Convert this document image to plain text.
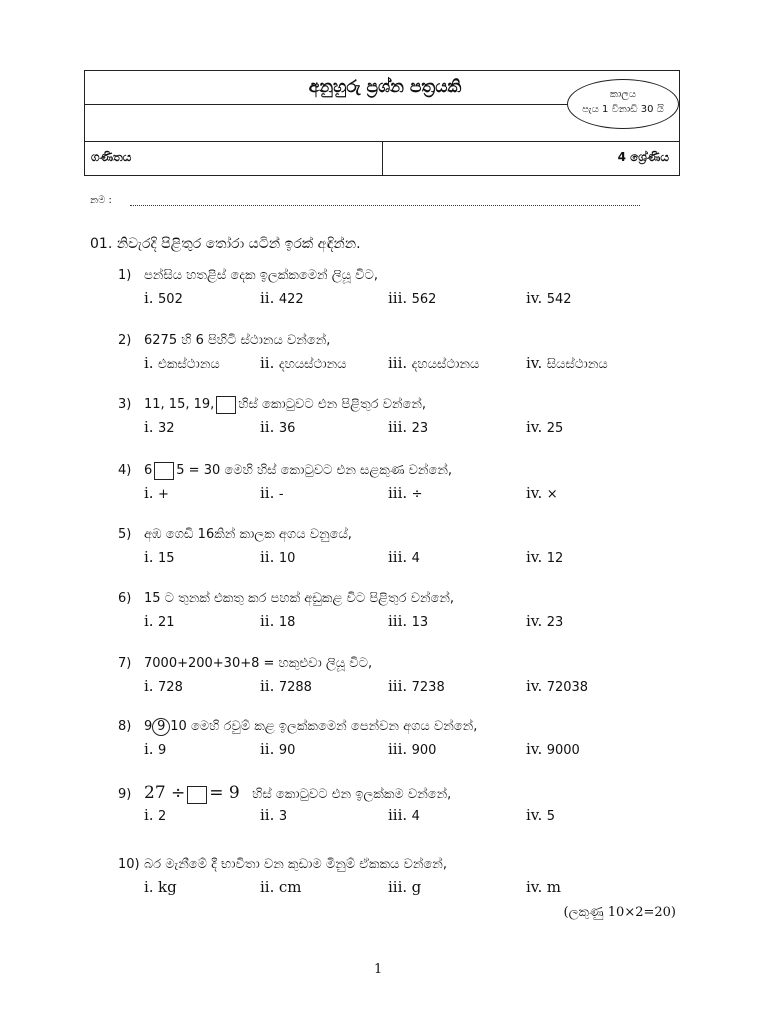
අනුහුරු ප්‍රශ්න පත්‍රයකි
ගණිතය	4 ශ්‍රේණිය
කාලය
පැය 1 විනාඩි 30 යි
නම :
01. නිවැරදි පිළිතුර තෝරා යටින් ඉරක් අඳින්න.
1) පන්සිය හතළිස් දෙක ඉලක්කමෙන් ලියූ විට,
i. 502	ii. 422	iii. 562	iv. 542
2) 6275 හි 6 පිහිටි ස්ථානය වන්නේ,
i. එකස්ථානය	ii. දහයස්ථානය	iii. දහයස්ථානය	iv. සියස්ථානය
3) 11, 15, 19, හිස් කොටුවට එන පිළිතුර වන්නේ,
i. 32	ii. 36	iii. 23	iv. 25
4) 6 5 = 30 මෙහි හිස් කොටුවට එන සළකුණ වන්නේ,
i. +	ii. -	iii. ÷	iv. ×
5) අඹ ගෙඩි 16කින් කාලක අගය වනුයේ,
i. 15	ii. 10	iii. 4	iv. 12
6) 15 ට තුනක් එකතු කර පහක් අඩුකළ විට පිළිතුර වන්නේ,
i. 21	ii. 18	iii. 13	iv. 23
7) 7000+200+30+8 = හකුළුවා ලියූ විට,
i. 728	ii. 7288	iii. 7238	iv. 72038
8) 9 9 10 මෙහි රවුම් කළ ඉලක්කමෙන් පෙන්වන අගය වන්නේ,
i. 9	ii. 90	iii. 900	iv. 9000
9) 27 ÷ = 9 හිස් කොටුවට එන ඉලක්කම වන්නේ,
i. 2	ii. 3	iii. 4	iv. 5
10) බර මැනීමේ දී භාවිතා වන කුඩාම මිනුම් ඒකකය වන්නේ,
i. kg	ii. cm	iii. g	iv. m
(ලකුණු 10×2=20)
1
